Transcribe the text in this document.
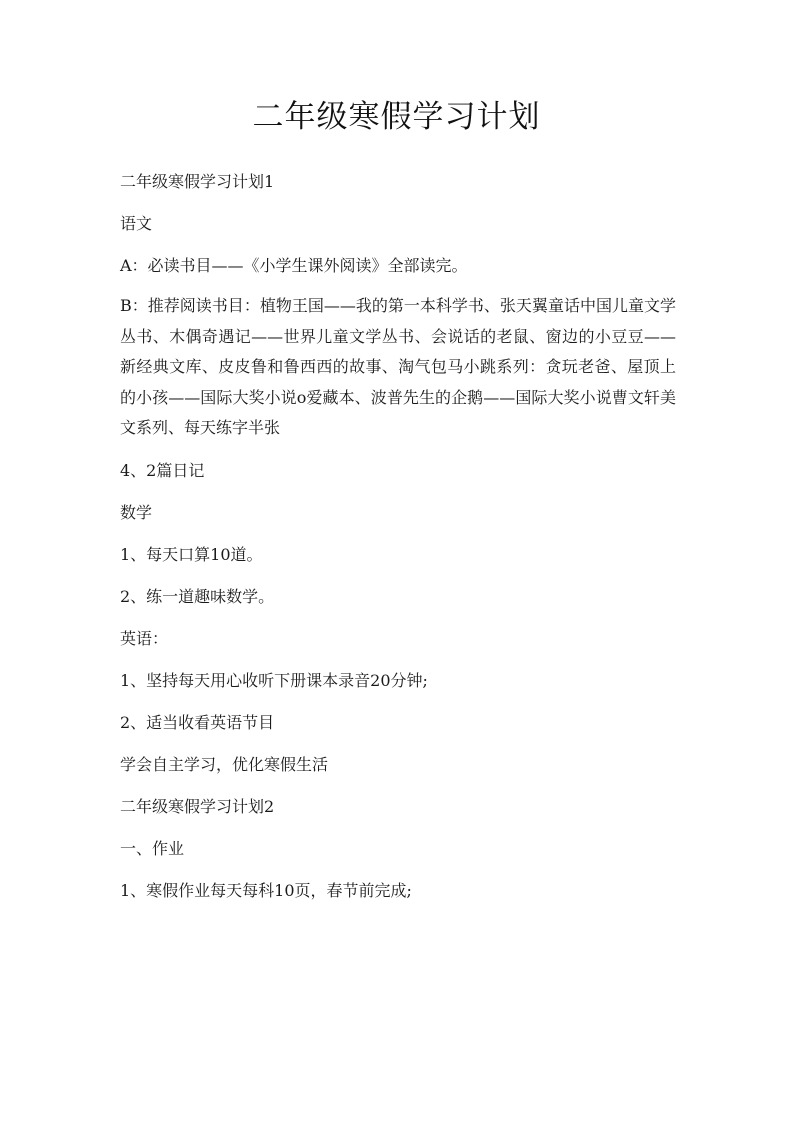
二年级寒假学习计划

二年级寒假学习计划1

语文

A：必读书目——《小学生课外阅读》全部读完。

B：推荐阅读书目：植物王国——我的第一本科学书、张天翼童话中国儿童文学丛书、木偶奇遇记——世界儿童文学丛书、会说话的老鼠、窗边的小豆豆——新经典文库、皮皮鲁和鲁西西的故事、淘气包马小跳系列：贪玩老爸、屋顶上的小孩——国际大奖小说o爱藏本、波普先生的企鹅——国际大奖小说曹文轩美文系列、每天练字半张

4、2篇日记

数学

1、每天口算10道。

2、练一道趣味数学。

英语：

1、坚持每天用心收听下册课本录音20分钟;

2、适当收看英语节目

学会自主学习，优化寒假生活

二年级寒假学习计划2

一、作业

1、寒假作业每天每科10页，春节前完成;
